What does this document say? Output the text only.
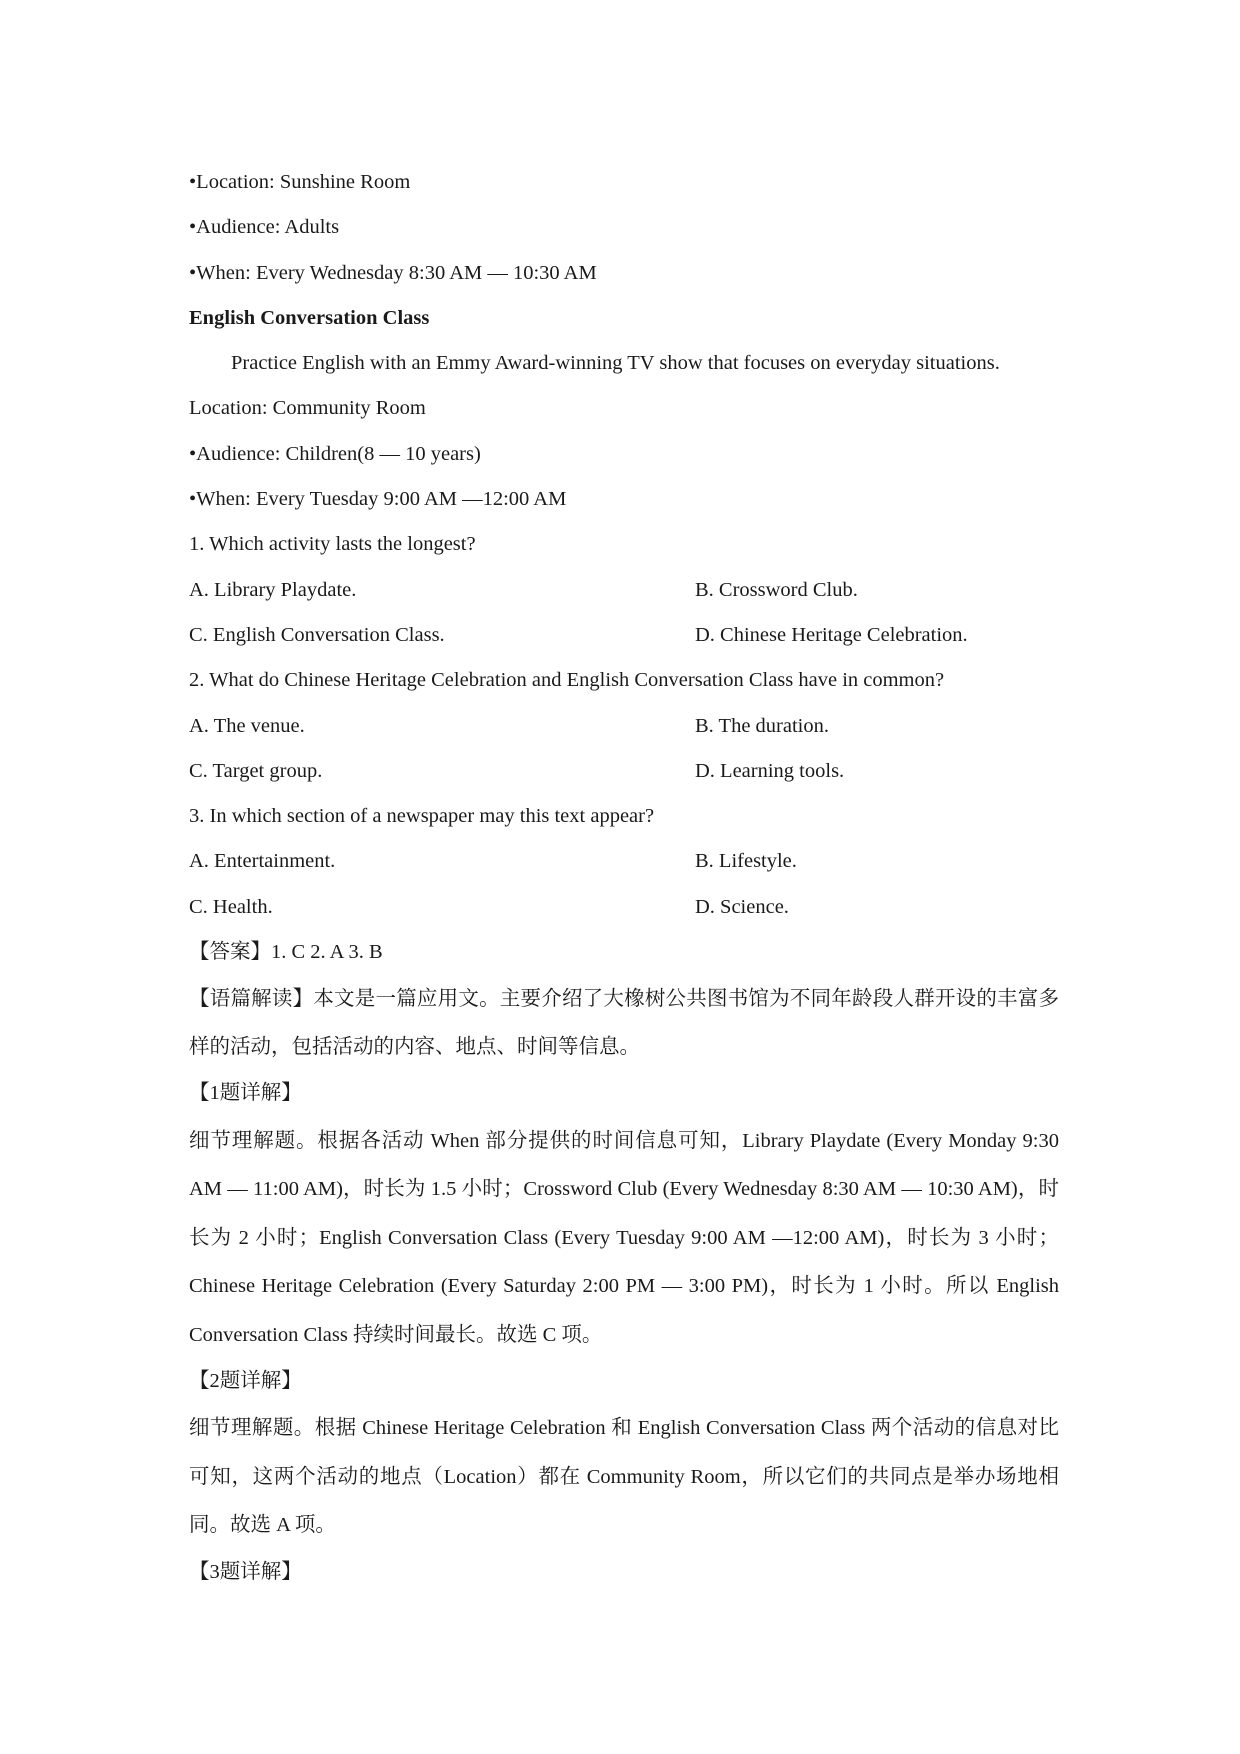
•Location: Sunshine Room
•Audience: Adults
•When: Every Wednesday 8:30 AM — 10:30 AM
English Conversation Class
Practice English with an Emmy Award-winning TV show that focuses on everyday situations.
Location: Community Room
•Audience: Children(8 — 10 years)
•When: Every Tuesday 9:00 AM —12:00 AM
1. Which activity lasts the longest?
A. Library Playdate.	B. Crossword Club.
C. English Conversation Class.	D. Chinese Heritage Celebration.
2. What do Chinese Heritage Celebration and English Conversation Class have in common?
A. The venue.	B. The duration.
C. Target group.	D. Learning tools.
3. In which section of a newspaper may this text appear?
A. Entertainment.	B. Lifestyle.
C. Health.	D. Science.
【答案】1. C 2. A 3. B
【语篇解读】本文是一篇应用文。主要介绍了大橡树公共图书馆为不同年龄段人群开设的丰富多样的活动，包括活动的内容、地点、时间等信息。
【1题详解】
细节理解题。根据各活动 When 部分提供的时间信息可知，Library Playdate (Every Monday 9:30 AM — 11:00 AM)，时长为 1.5 小时；Crossword Club (Every Wednesday 8:30 AM — 10:30 AM)，时长为 2 小时；English Conversation Class (Every Tuesday 9:00 AM —12:00 AM)，时长为 3 小时；Chinese Heritage Celebration (Every Saturday 2:00 PM — 3:00 PM)，时长为 1 小时。所以 English Conversation Class 持续时间最长。故选 C 项。
【2题详解】
细节理解题。根据 Chinese Heritage Celebration 和 English Conversation Class 两个活动的信息对比可知，这两个活动的地点（Location）都在 Community Room，所以它们的共同点是举办场地相同。故选 A 项。
【3题详解】
